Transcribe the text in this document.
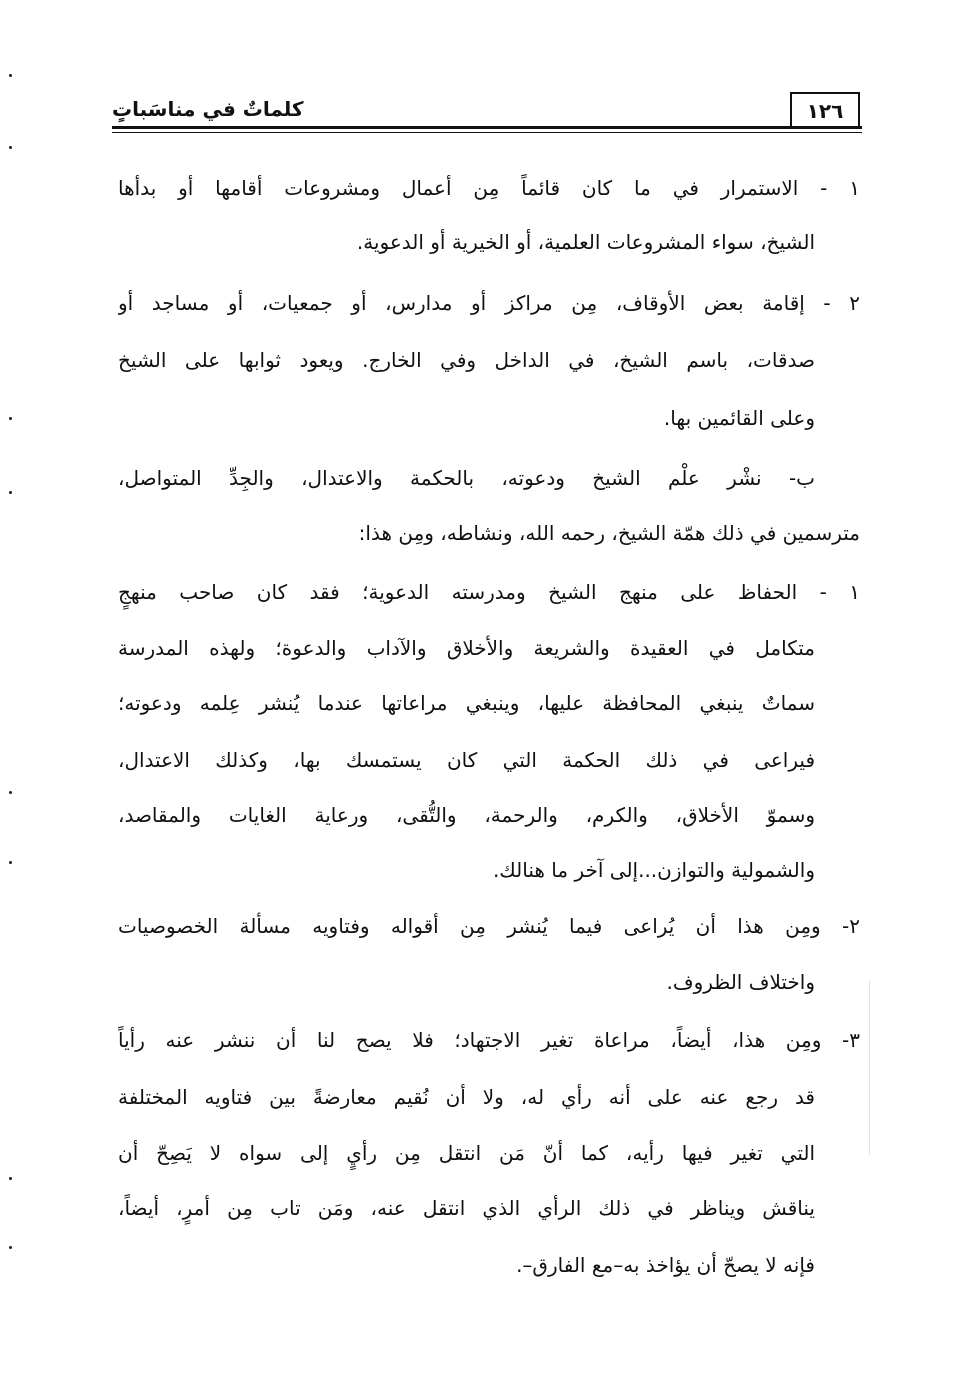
١٢٦
كلماتٌ في مناسَباتٍ
١ - الاستمرار في ما كان قائماً مِن أعمال ومشروعات أقامها أو بدأها
الشيخ، سواء المشروعات العلمية، أو الخيرية أو الدعوية.
٢ - إقامة بعض الأوقاف، مِن مراكز أو مدارس، أو جمعيات، أو مساجد أو
صدقات، باسم الشيخ، في الداخل وفي الخارج. ويعود ثوابها على الشيخ
وعلى القائمين بها.
ب- نشْر علْم الشيخ ودعوته، بالحكمة والاعتدال، والجِدِّ المتواصل،
مترسمين في ذلك همّة الشيخ، رحمه الله، ونشاطه، ومِن هذا:
١ - الحفاظ على منهج الشيخ ومدرسته الدعوية؛ فقد كان صاحب منهجٍ
متكامل في العقيدة والشريعة والأخلاق والآداب والدعوة؛ ولهذه المدرسة
سماتٌ ينبغي المحافظة عليها، وينبغي مراعاتها عندما يُنشر عِلمه ودعوته؛
فيراعى في ذلك الحكمة التي كان يستمسك بها، وكذلك الاعتدال،
وسموّ الأخلاق، والكرم، والرحمة، والتُّقى، ورعاية الغايات والمقاصد،
والشمولية والتوازن...إلى آخر ما هنالك.
٢- ومِن هذا أن يُراعى فيما يُنشر مِن أقواله وفتاويه مسألة الخصوصيات
واختلاف الظروف.
٣- ومِن هذا، أيضاً، مراعاة تغير الاجتهاد؛ فلا يصح لنا أن ننشر عنه رأياً
قد رجع عنه على أنه رأي له، ولا أن نُقيم معارضةً بين فتاويه المختلفة
التي تغير فيها رأيه، كما أنّ مَن انتقل مِن رأيٍ إلى سواه لا يَصِحّ أن
يناقش ويناظر في ذلك الرأي الذي انتقل عنه، ومَن تاب مِن أمرٍ، أيضاً،
فإنه لا يصحّ أن يؤاخذ به–مع الفارق–.
